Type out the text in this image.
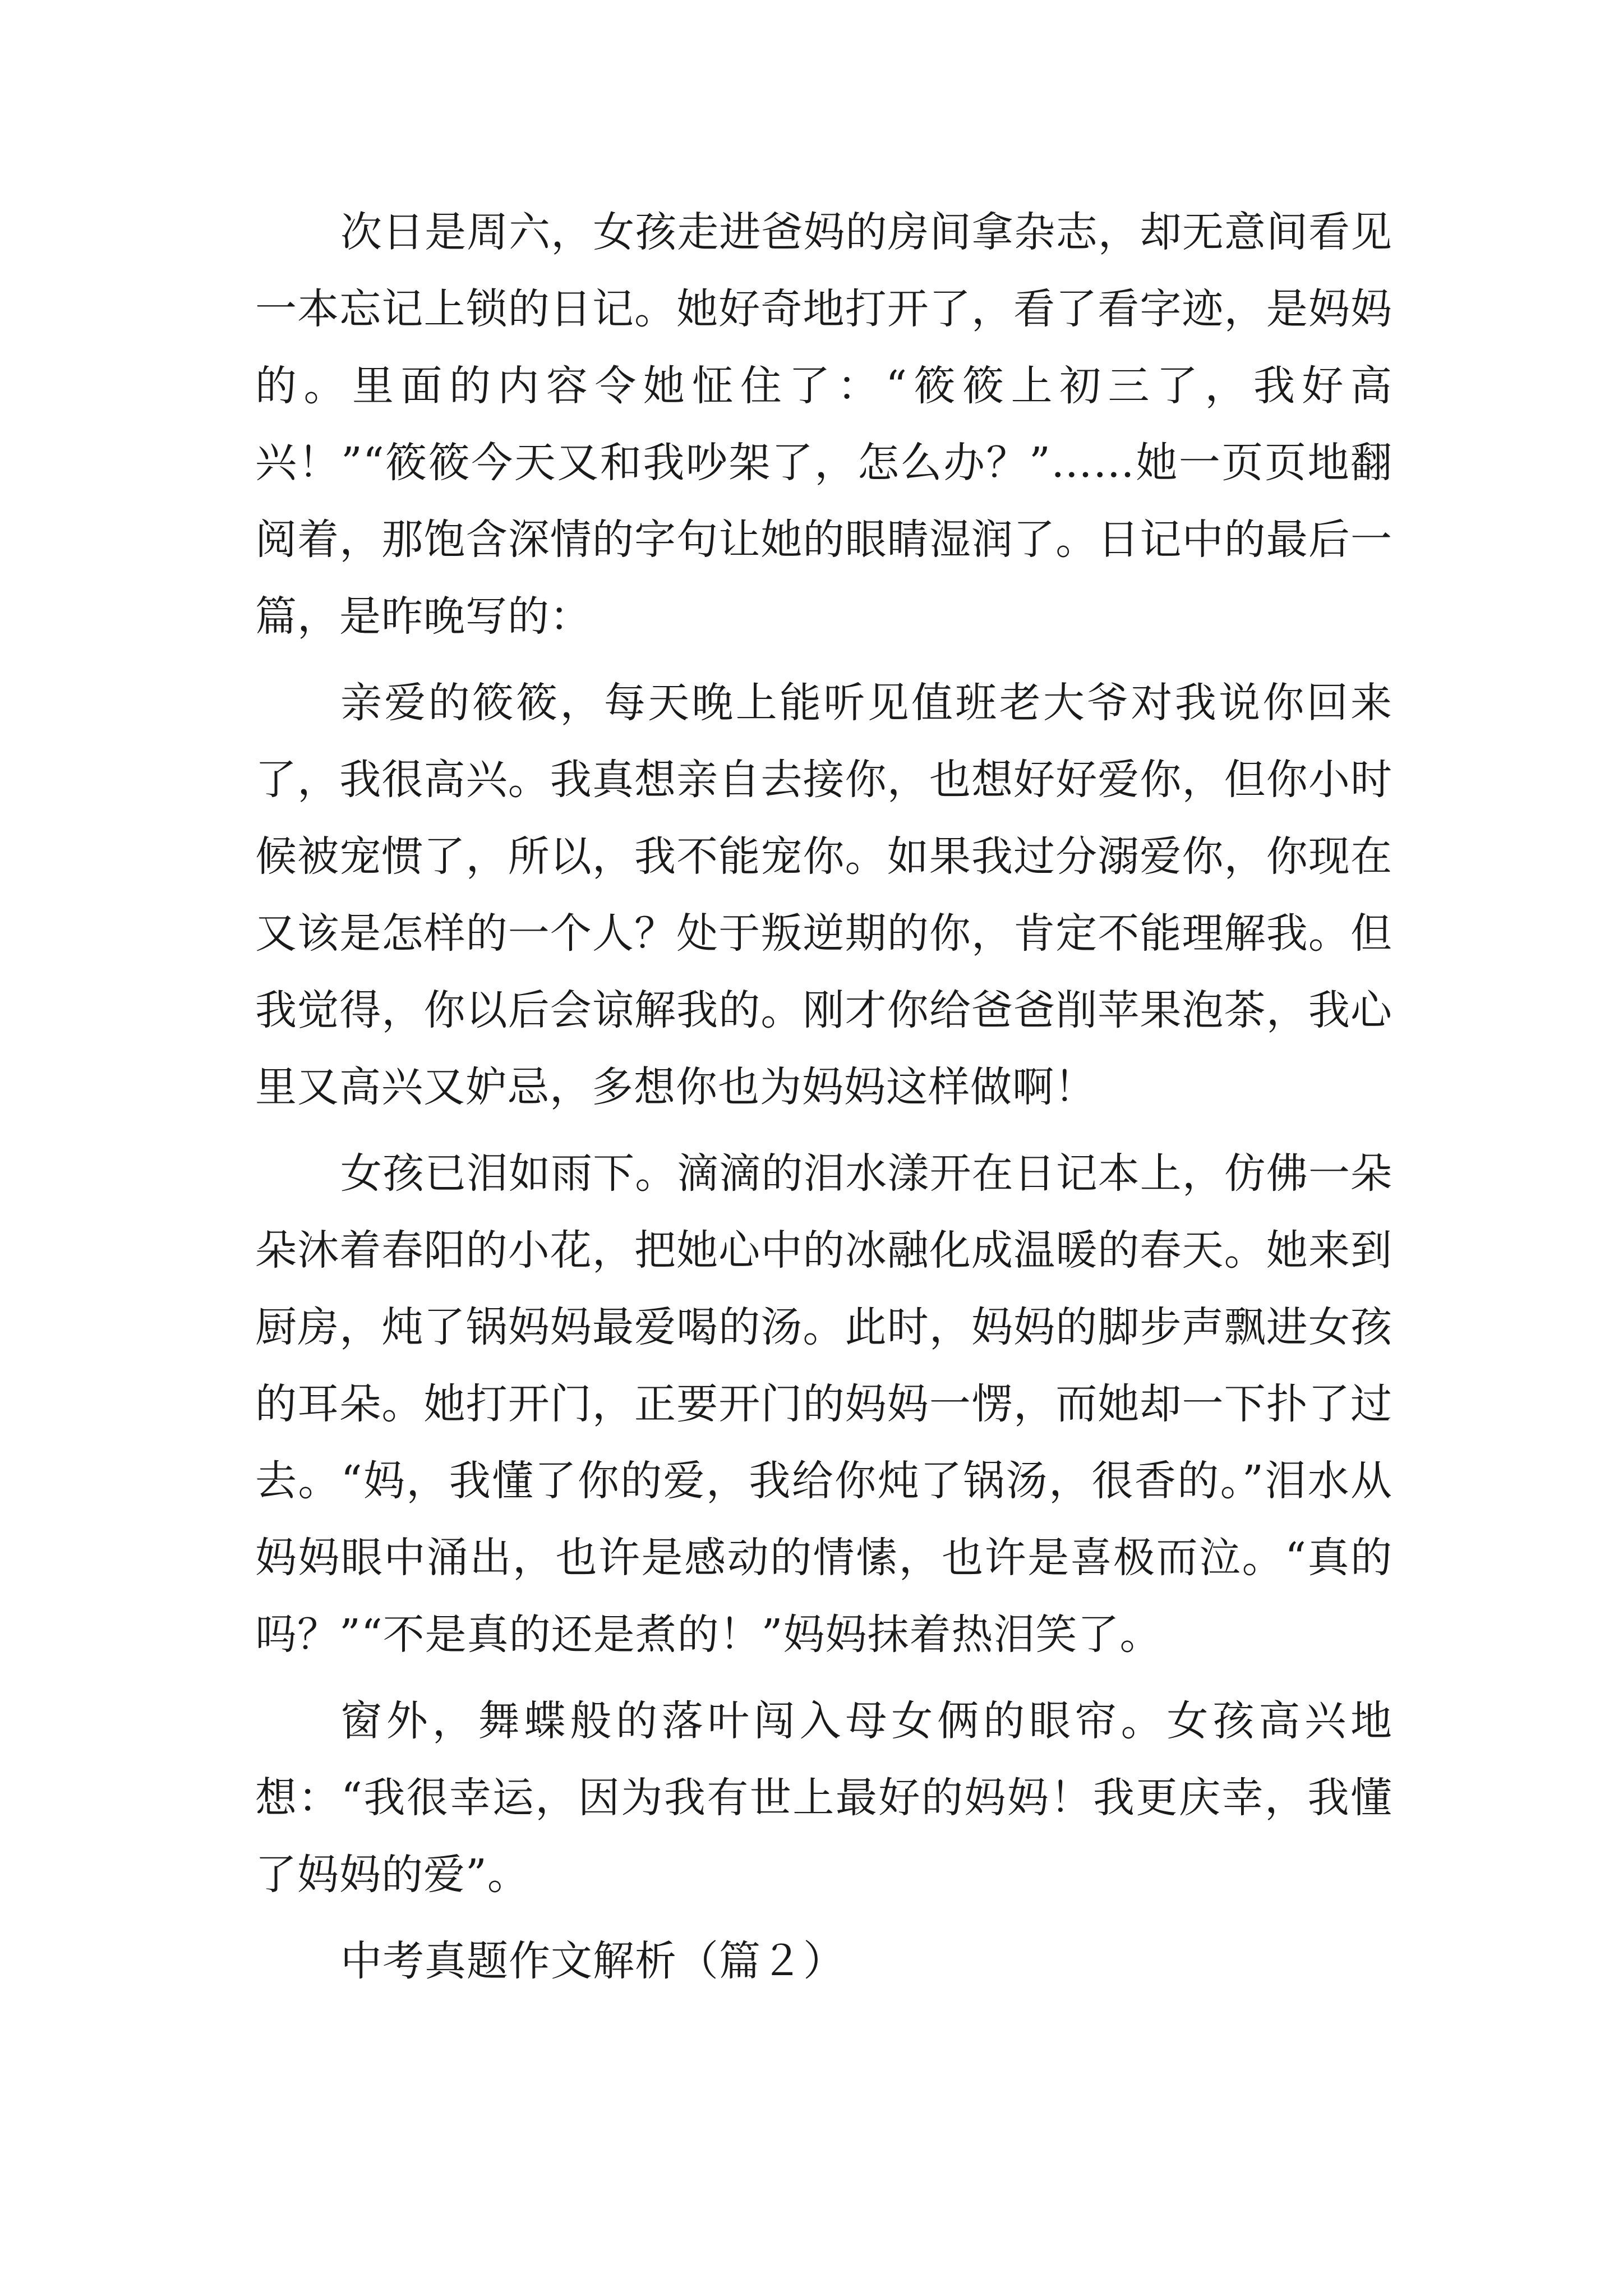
次日是周六，女孩走进爸妈的房间拿杂志，却无意间看见一本忘记上锁的日记。她好奇地打开了，看了看字迹，是妈妈的。里面的内容令她怔住了：“筱筱上初三了，我好高兴！”“筱筱今天又和我吵架了，怎么办？”……她一页页地翻阅着，那饱含深情的字句让她的眼睛湿润了。日记中的最后一篇，是昨晚写的：

亲爱的筱筱，每天晚上能听见值班老大爷对我说你回来了，我很高兴。我真想亲自去接你，也想好好爱你，但你小时候被宠惯了，所以，我不能宠你。如果我过分溺爱你，你现在又该是怎样的一个人？处于叛逆期的你，肯定不能理解我。但我觉得，你以后会谅解我的。刚才你给爸爸削苹果泡茶，我心里又高兴又妒忌，多想你也为妈妈这样做啊！

女孩已泪如雨下。滴滴的泪水漾开在日记本上，仿佛一朵朵沐着春阳的小花，把她心中的冰融化成温暖的春天。她来到厨房，炖了锅妈妈最爱喝的汤。此时，妈妈的脚步声飘进女孩的耳朵。她打开门，正要开门的妈妈一愣，而她却一下扑了过去。“妈，我懂了你的爱，我给你炖了锅汤，很香的。”泪水从妈妈眼中涌出，也许是感动的情愫，也许是喜极而泣。“真的吗？”“不是真的还是煮的！”妈妈抹着热泪笑了。

窗外，舞蝶般的落叶闯入母女俩的眼帘。女孩高兴地想：“我很幸运，因为我有世上最好的妈妈！我更庆幸，我懂了妈妈的爱”。

中考真题作文解析（篇２）
